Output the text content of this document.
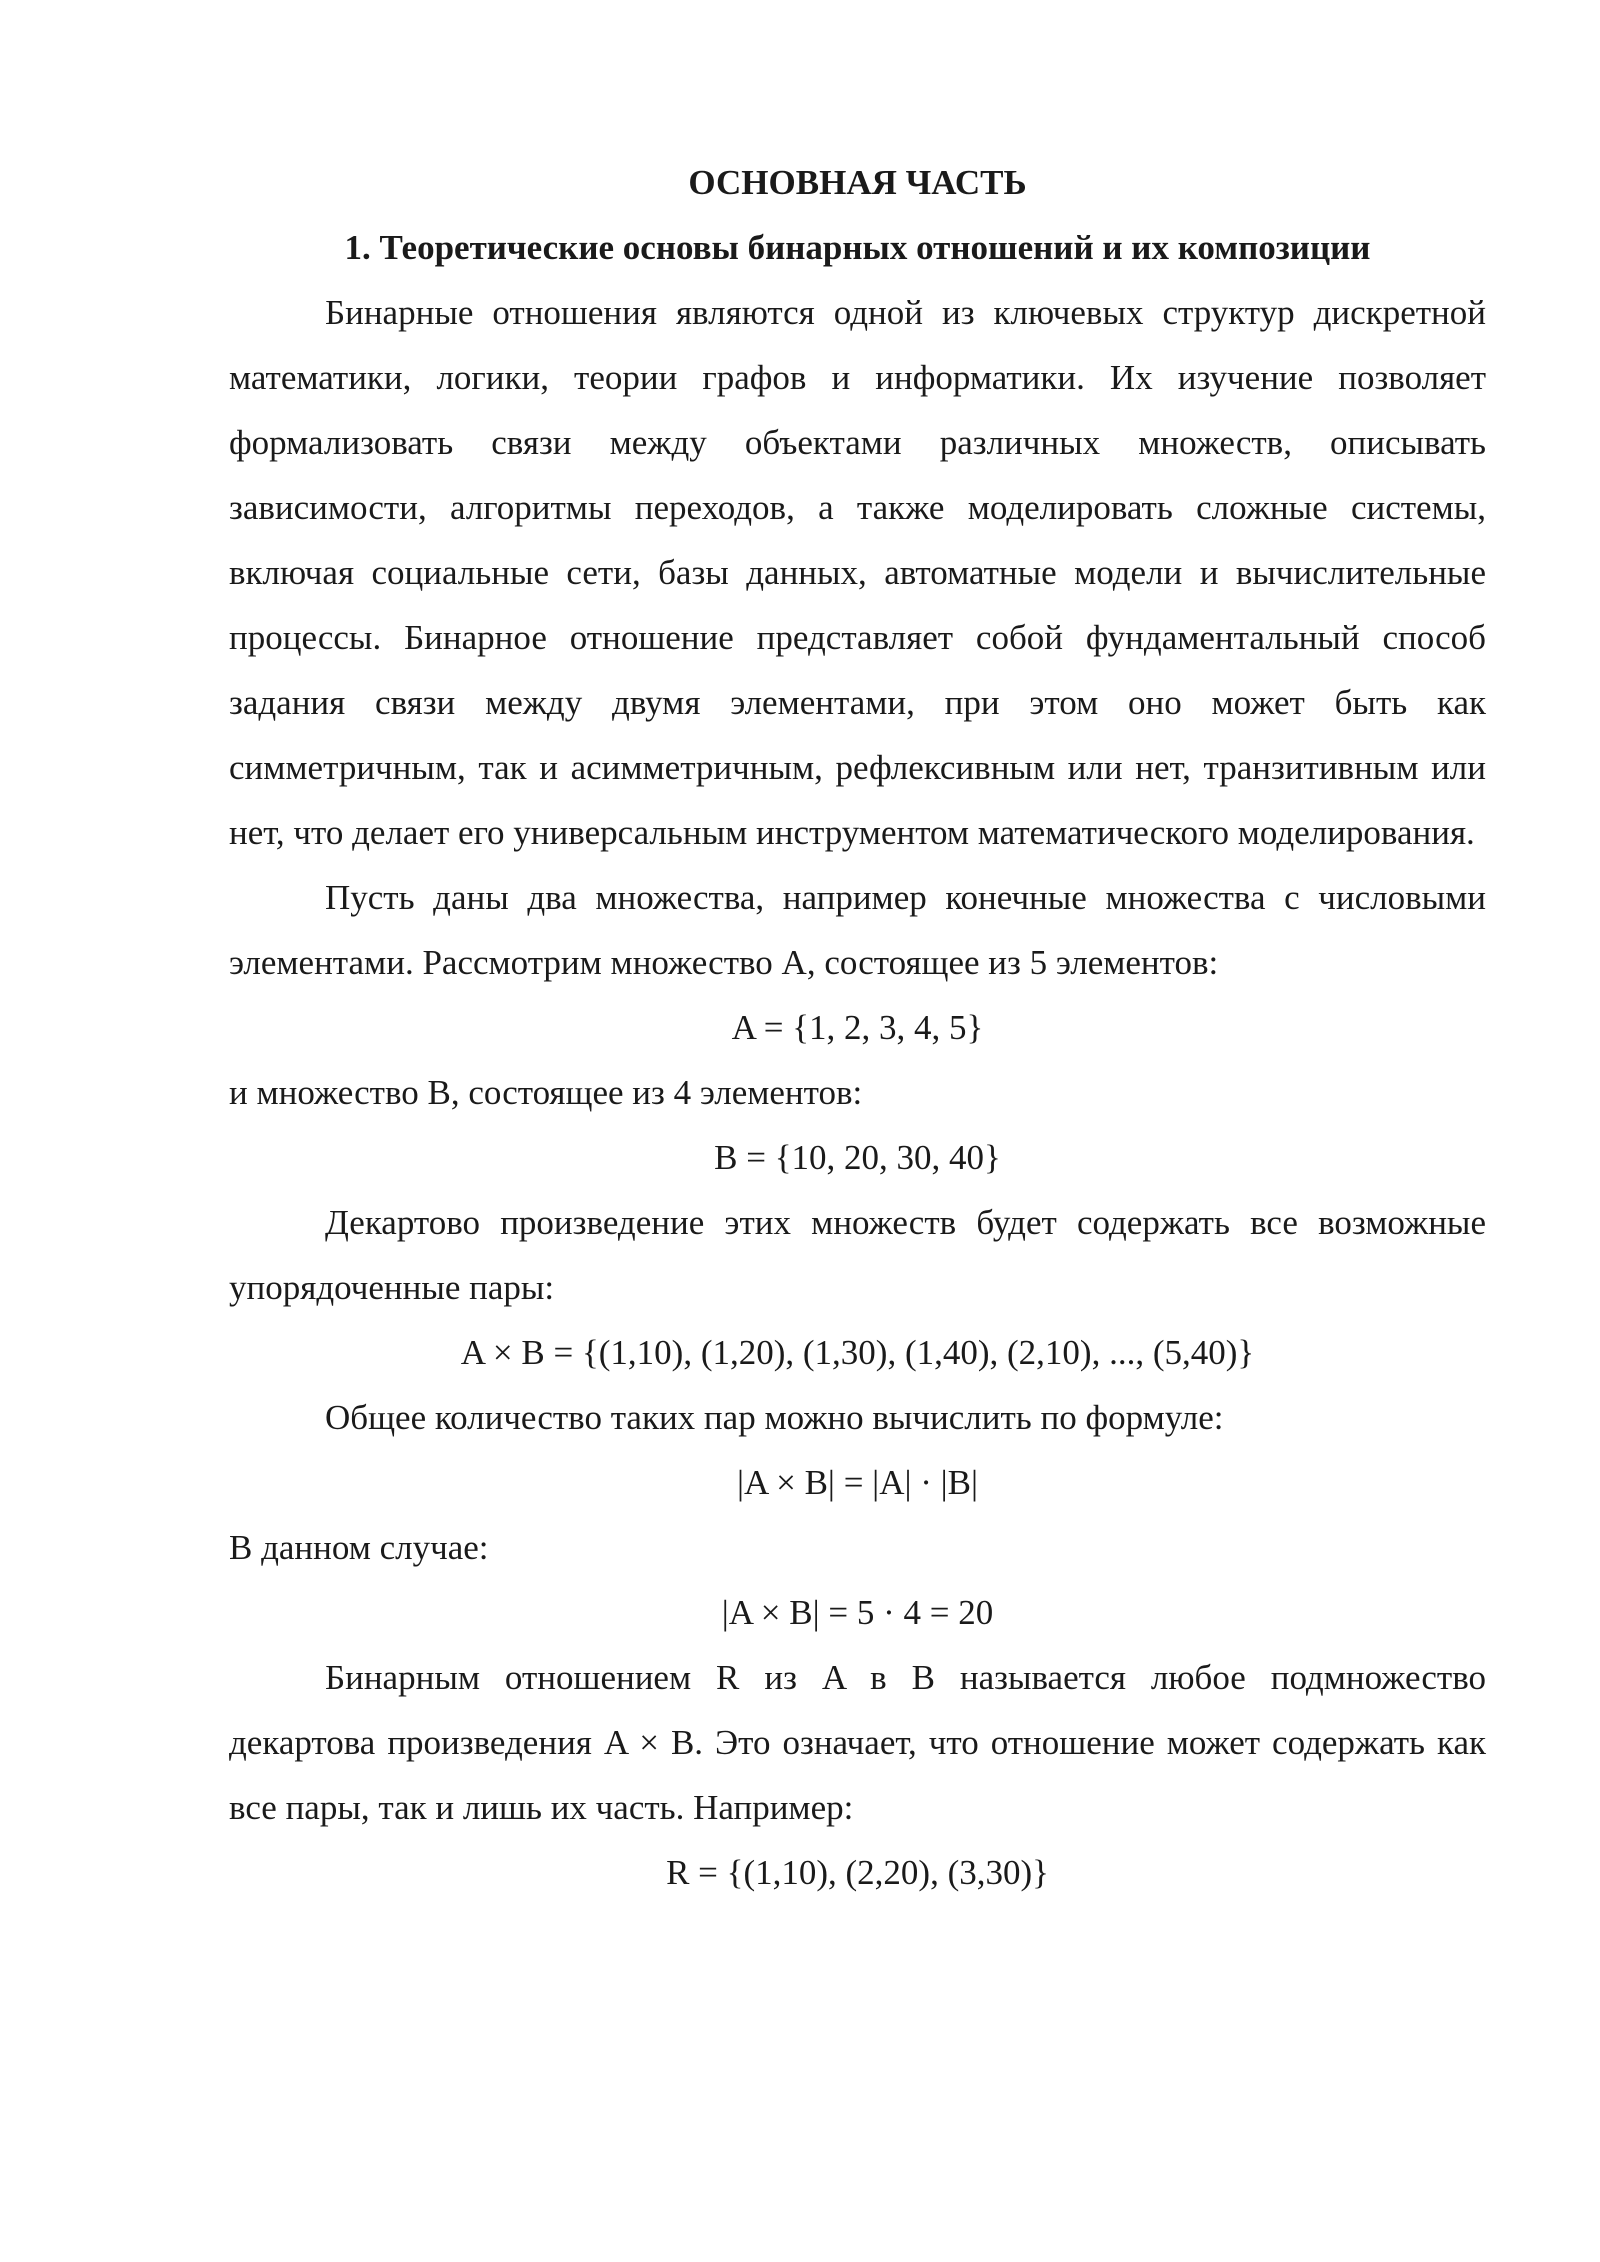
ОСНОВНАЯ ЧАСТЬ

1. Теоретические основы бинарных отношений и их композиции

Бинарные отношения являются одной из ключевых структур дискретной математики, логики, теории графов и информатики. Их изучение позволяет формализовать связи между объектами различных множеств, описывать зависимости, алгоритмы переходов, а также моделировать сложные системы, включая социальные сети, базы данных, автоматные модели и вычислительные процессы. Бинарное отношение представляет собой фундаментальный способ задания связи между двумя элементами, при этом оно может быть как симметричным, так и асимметричным, рефлексивным или нет, транзитивным или нет, что делает его универсальным инструментом математического моделирования.

Пусть даны два множества, например конечные множества с числовыми элементами. Рассмотрим множество A, состоящее из 5 элементов:

A = {1, 2, 3, 4, 5}

и множество B, состоящее из 4 элементов:

B = {10, 20, 30, 40}

Декартово произведение этих множеств будет содержать все возможные упорядоченные пары:

A × B = {(1,10), (1,20), (1,30), (1,40), (2,10), ..., (5,40)}

Общее количество таких пар можно вычислить по формуле:

|A × B| = |A| · |B|

В данном случае:

|A × B| = 5 · 4 = 20

Бинарным отношением R из A в B называется любое подмножество декартова произведения A × B. Это означает, что отношение может содержать как все пары, так и лишь их часть. Например:

R = {(1,10), (2,20), (3,30)}
